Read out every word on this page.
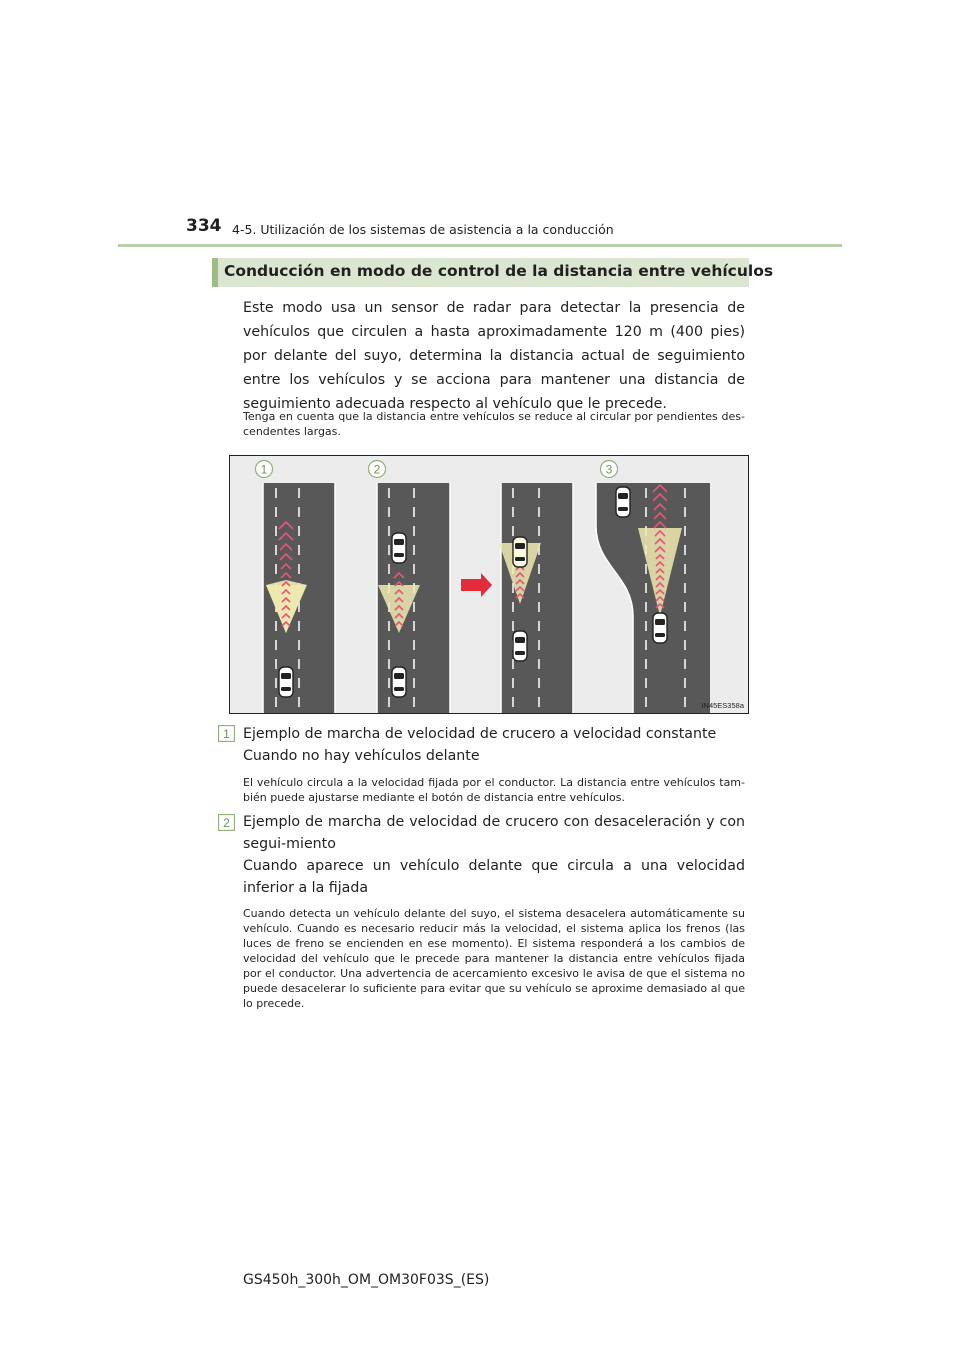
334 4-5. Utilización de los sistemas de asistencia a la conducción
Conducción en modo de control de la distancia entre vehículos
Este modo usa un sensor de radar para detectar la presencia de vehículos que circulen a hasta aproximadamente 120 m (400 pies) por delante del suyo, determina la distancia actual de seguimiento entre los vehículos y se acciona para mantener una distancia de seguimiento adecuada respecto al vehículo que le precede.
Tenga en cuenta que la distancia entre vehículos se reduce al circular por pendientes des-cendentes largas.
1	2	3
IN45ES358a
1 Ejemplo de marcha de velocidad de crucero a velocidad constante
Cuando no hay vehículos delante
El vehículo circula a la velocidad fijada por el conductor. La distancia entre vehículos tam-bién puede ajustarse mediante el botón de distancia entre vehículos.
2 Ejemplo de marcha de velocidad de crucero con desaceleración y con segui-miento
Cuando aparece un vehículo delante que circula a una velocidad inferior a la fijada
Cuando detecta un vehículo delante del suyo, el sistema desacelera automáticamente su vehículo. Cuando es necesario reducir más la velocidad, el sistema aplica los frenos (las luces de freno se encienden en ese momento). El sistema responderá a los cambios de velocidad del vehículo que le precede para mantener la distancia entre vehículos fijada por el conductor. Una advertencia de acercamiento excesivo le avisa de que el sistema no puede desacelerar lo suficiente para evitar que su vehículo se aproxime demasiado al que lo precede.
GS450h_300h_OM_OM30F03S_(ES)
